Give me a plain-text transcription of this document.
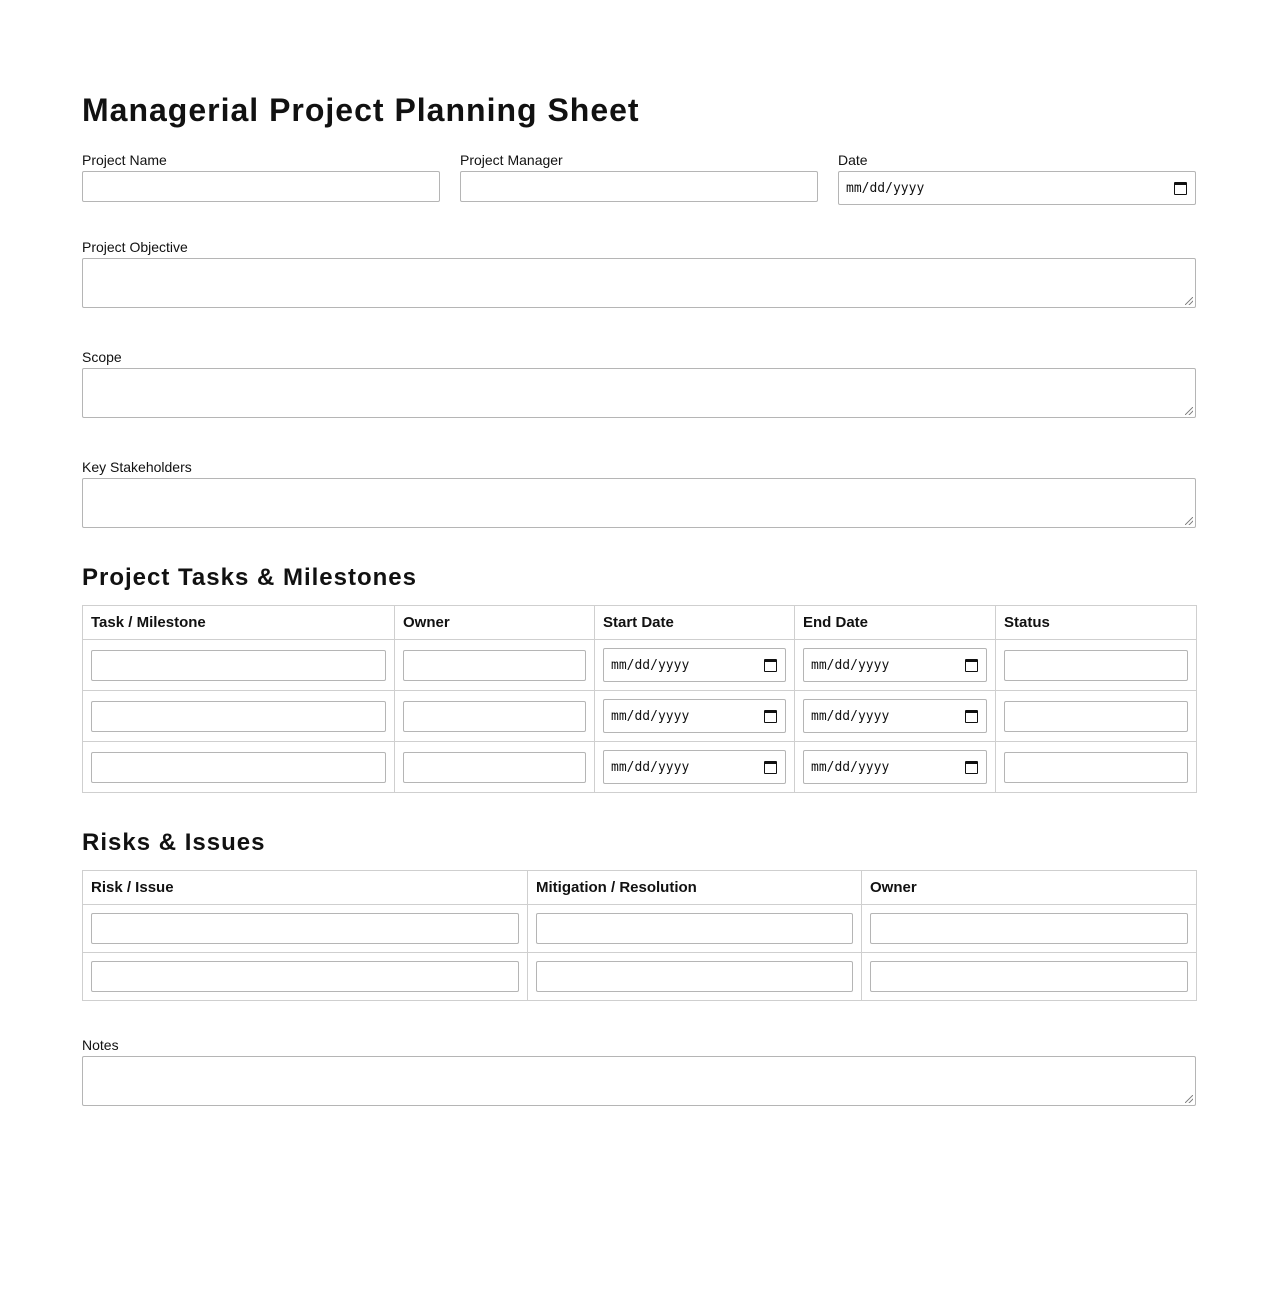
Managerial Project Planning Sheet
Project Name	Project Manager	Date
mm/dd/yyyy
Project Objective
Scope
Key Stakeholders
Project Tasks & Milestones
Task / Milestone	Owner	Start Date	End Date	Status

		mm/dd/yyyy	mm/dd/yyyy	

		mm/dd/yyyy	mm/dd/yyyy	

		mm/dd/yyyy	mm/dd/yyyy	

Risks & Issues
Risk / Issue	Mitigation / Resolution	Owner

Notes
